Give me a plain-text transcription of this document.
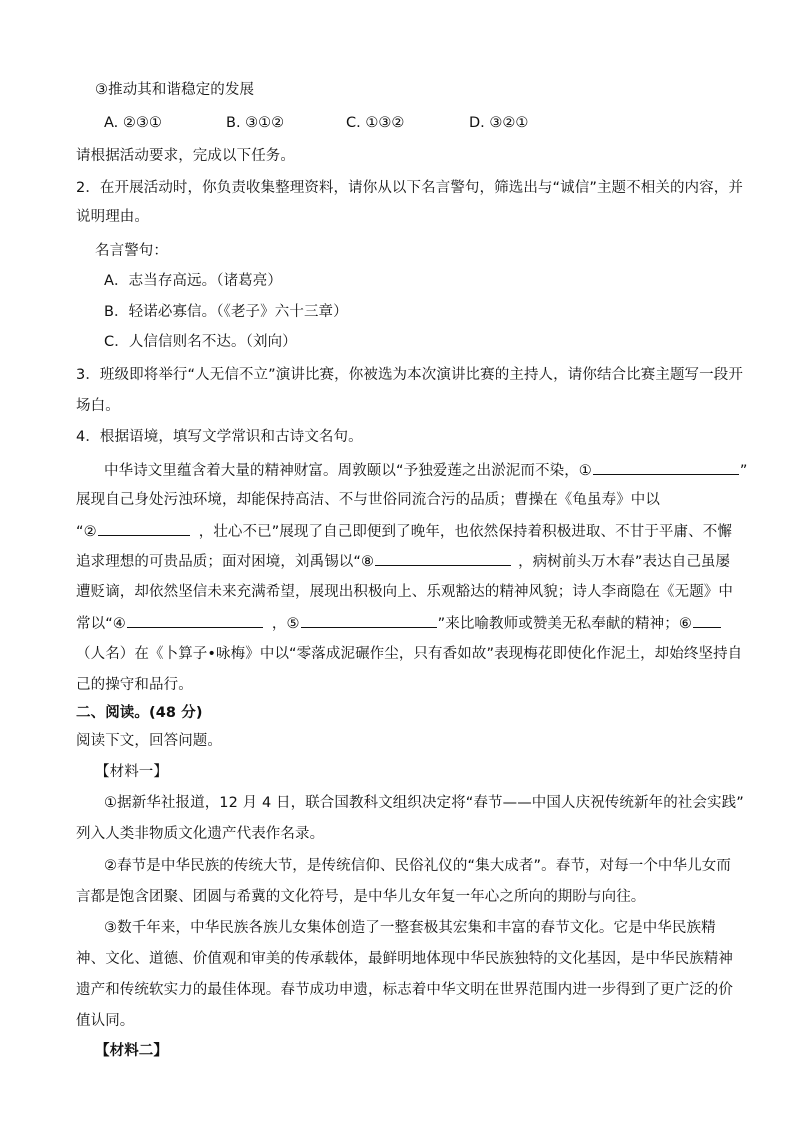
③推动其和谐稳定的发展
A. ②③①	B. ③①②	C. ①③②	D. ③②①
请根据活动要求，完成以下任务。
2．在开展活动时，你负责收集整理资料，请你从以下名言警句，筛选出与“诚信”主题不相关的内容，并
说明理由。
名言警句：
A．志当存高远。（诸葛亮）
B．轻诺必寡信。（《老子》六十三章）
C．人信信则名不达。（刘向）
3．班级即将举行“人无信不立”演讲比赛，你被选为本次演讲比赛的主持人，请你结合比赛主题写一段开
场白。
4．根据语境，填写文学常识和古诗文名句。
中华诗文里蕴含着大量的精神财富。周敦颐以“予独爱莲之出淤泥而不染，①	”
展现自己身处污浊环境，却能保持高洁、不与世俗同流合污的品质；曹操在《龟虽寿》中以
“②	，壮心不已”展现了自己即便到了晚年，也依然保持着积极进取、不甘于平庸、不懈
追求理想的可贵品质；面对困境，刘禹锡以“⑧	，病树前头万木春”表达自己虽屡
遭贬谪，却依然坚信未来充满希望，展现出积极向上、乐观豁达的精神风貌；诗人李商隐在《无题》中
常以“④	，⑤	”来比喻教师或赞美无私奉献的精神；⑥
（人名）在《卜算子•咏梅》中以“零落成泥碾作尘，只有香如故”表现梅花即使化作泥土，却始终坚持自
己的操守和品行。
二、阅读。(48 分)
阅读下文，回答问题。
【材料一】
①据新华社报道，12 月 4 日，联合国教科文组织决定将“春节——中国人庆祝传统新年的社会实践”
列入人类非物质文化遗产代表作名录。
②春节是中华民族的传统大节，是传统信仰、民俗礼仪的“集大成者”。春节，对每一个中华儿女而
言都是饱含团聚、团圆与希冀的文化符号，是中华儿女年复一年心之所向的期盼与向往。
③数千年来，中华民族各族儿女集体创造了一整套极其宏集和丰富的春节文化。它是中华民族精
神、文化、道德、价值观和审美的传承载体，最鲜明地体现中华民族独特的文化基因，是中华民族精神
遗产和传统软实力的最佳体现。春节成功申遗，标志着中华文明在世界范围内进一步得到了更广泛的价
值认同。
【材料二】
